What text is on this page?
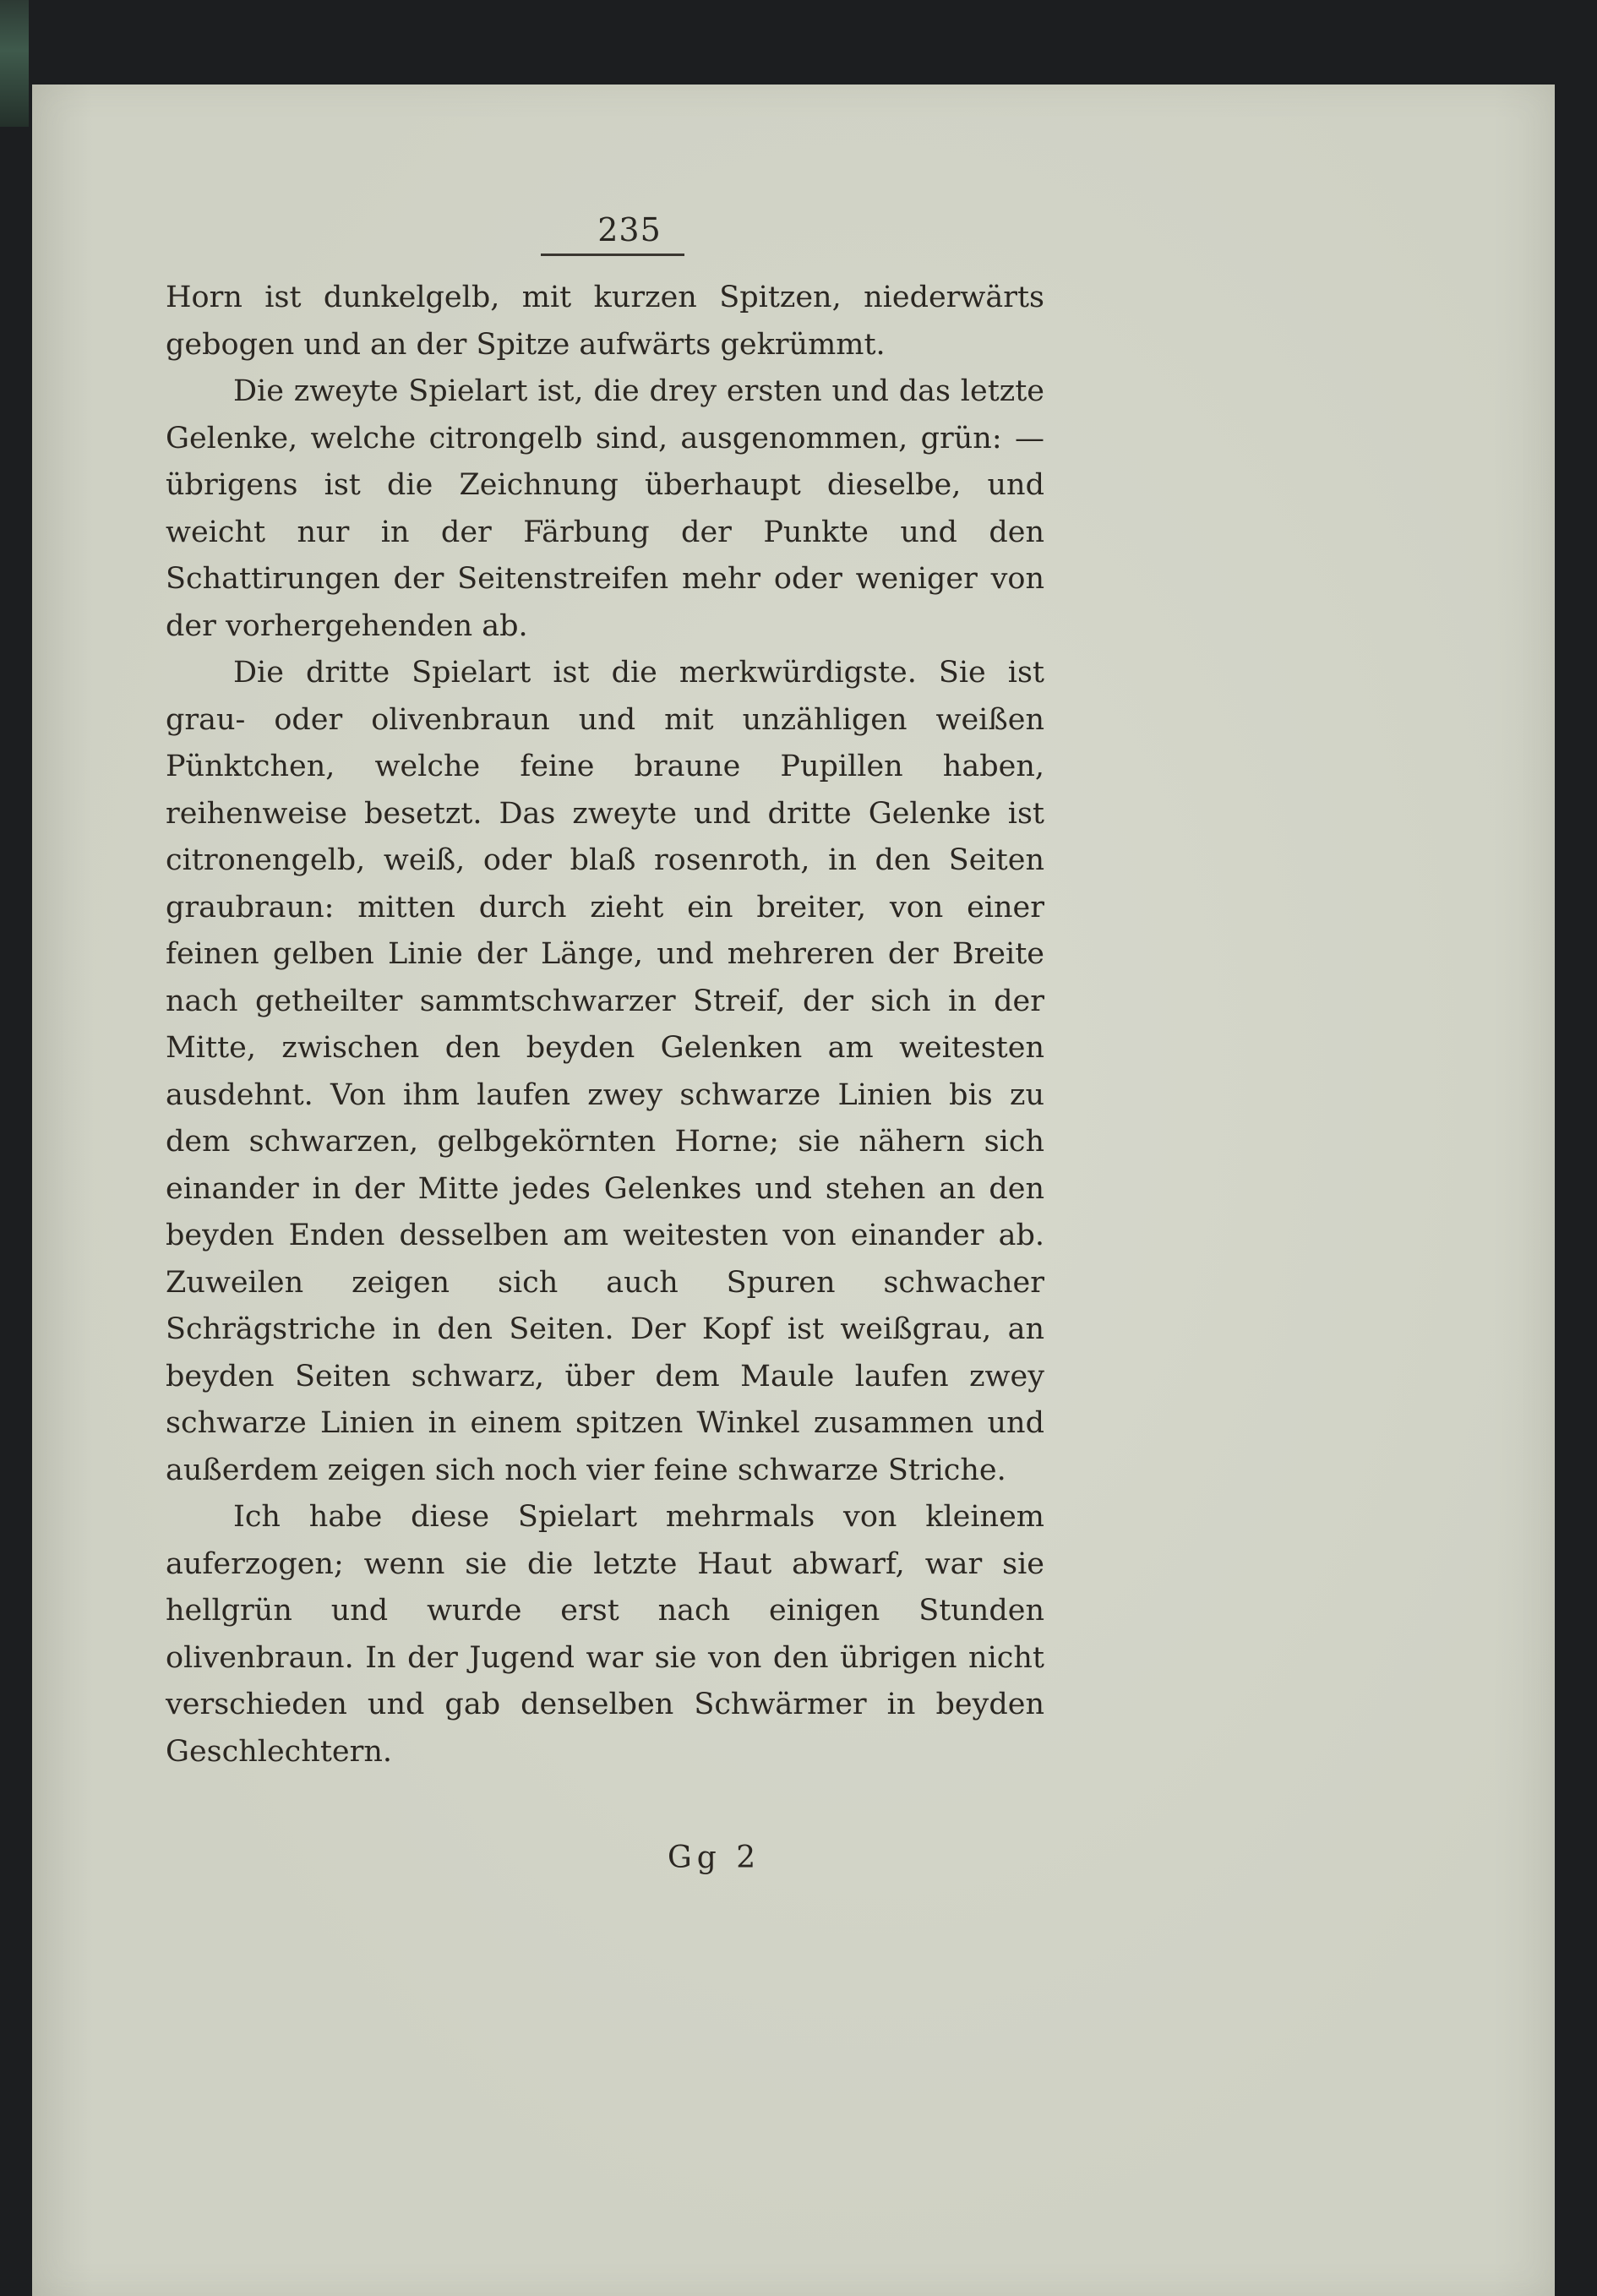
235

Horn ist dunkelgelb, mit kurzen Spitzen, niederwärts gebogen und an der Spitze aufwärts gekrümmt.

Die zweyte Spielart ist, die drey ersten und das letzte Gelenke, welche citrongelb sind, ausgenommen, grün: — übrigens ist die Zeichnung überhaupt dieselbe, und weicht nur in der Färbung der Punkte und den Schattirungen der Seitenstreifen mehr oder weniger von der vorhergehenden ab.

Die dritte Spielart ist die merkwürdigste. Sie ist grau- oder olivenbraun und mit unzähligen weißen Pünktchen, welche feine braune Pupillen haben, reihenweise besetzt. Das zweyte und dritte Gelenke ist citronengelb, weiß, oder blaß rosenroth, in den Seiten graubraun: mitten durch zieht ein breiter, von einer feinen gelben Linie der Länge, und mehreren der Breite nach getheilter sammtschwarzer Streif, der sich in der Mitte, zwischen den beyden Gelenken am weitesten ausdehnt. Von ihm laufen zwey schwarze Linien bis zu dem schwarzen, gelbgekörnten Horne; sie nähern sich einander in der Mitte jedes Gelenkes und stehen an den beyden Enden desselben am weitesten von einander ab. Zuweilen zeigen sich auch Spuren schwacher Schrägstriche in den Seiten. Der Kopf ist weißgrau, an beyden Seiten schwarz, über dem Maule laufen zwey schwarze Linien in einem spitzen Winkel zusammen und außerdem zeigen sich noch vier feine schwarze Striche.

Ich habe diese Spielart mehrmals von kleinem auferzogen; wenn sie die letzte Haut abwarf, war sie hellgrün und wurde erst nach einigen Stunden olivenbraun. In der Jugend war sie von den übrigen nicht verschieden und gab denselben Schwärmer in beyden Geschlechtern.

Gg 2
